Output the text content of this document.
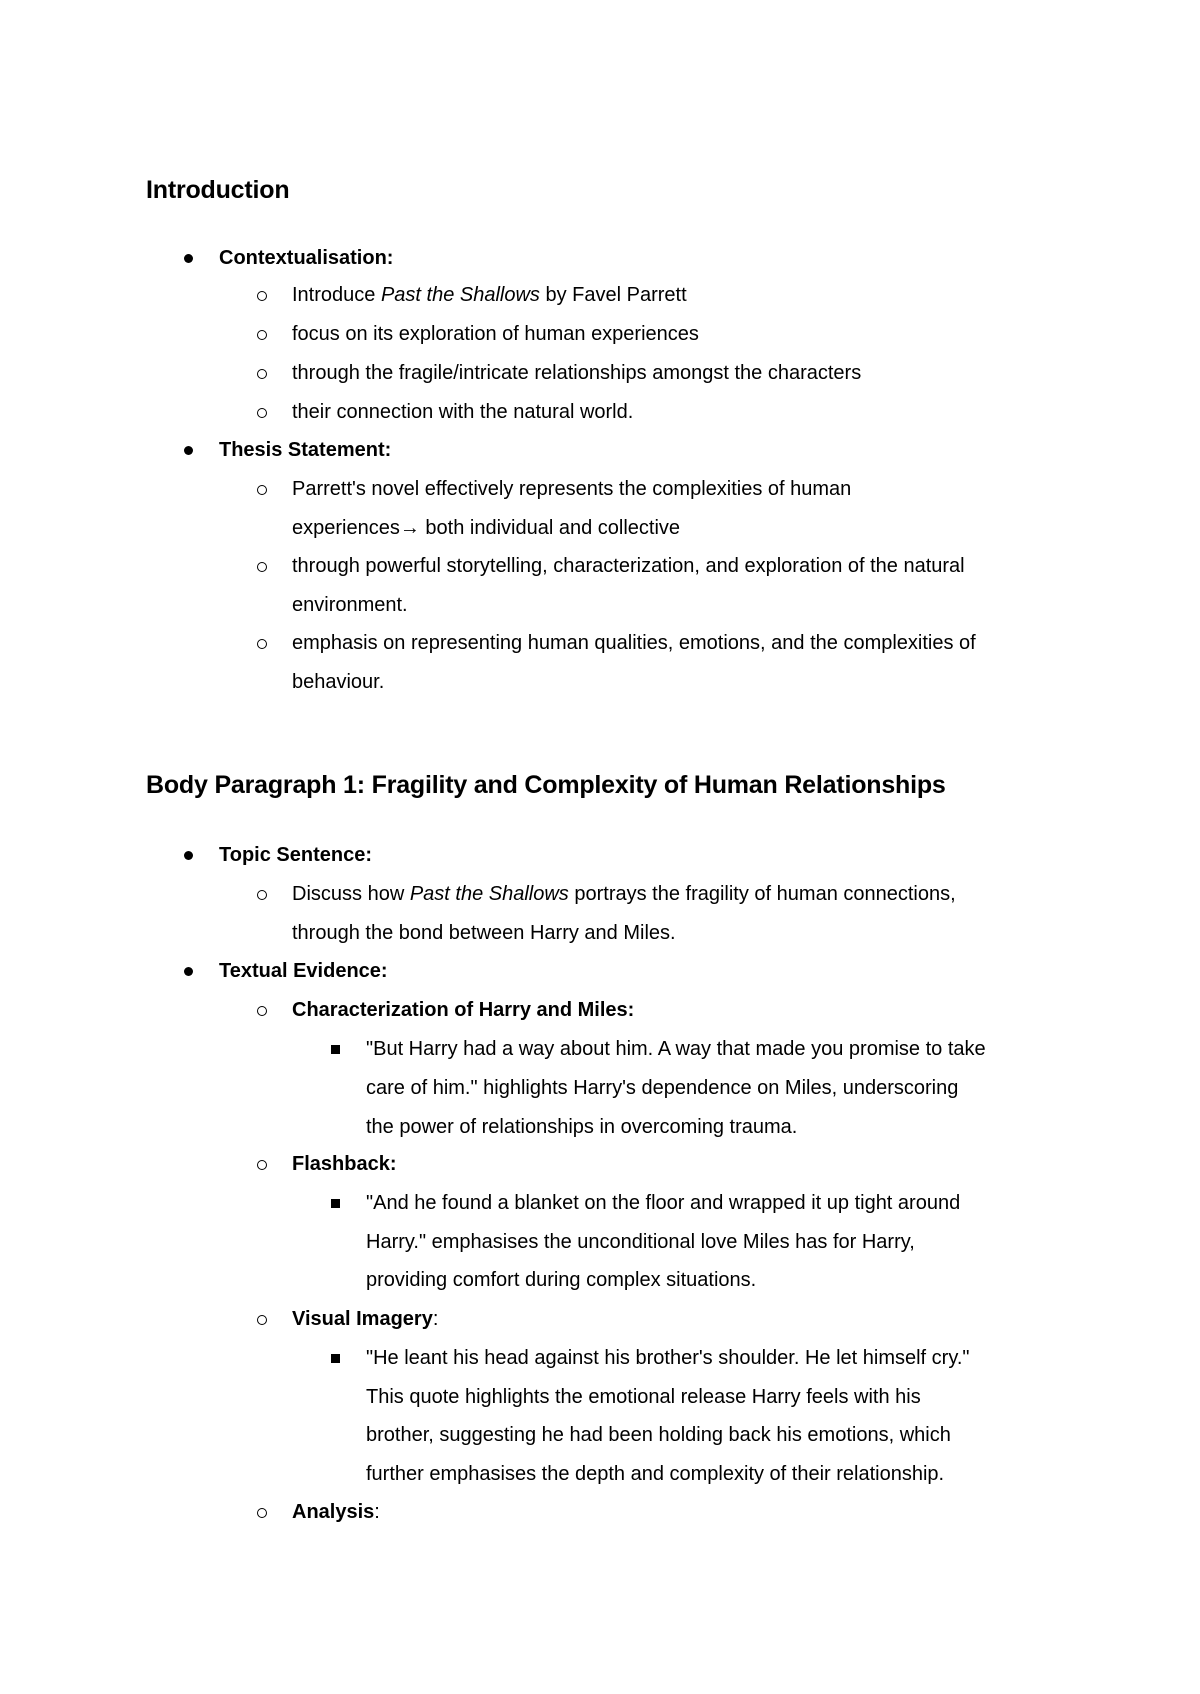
Introduction
Contextualisation:
Introduce Past the Shallows by Favel Parrett
focus on its exploration of human experiences
through the fragile/intricate relationships amongst the characters
their connection with the natural world.
Thesis Statement:
Parrett's novel effectively represents the complexities of human
experiences→ both individual and collective
through powerful storytelling, characterization, and exploration of the natural
environment.
emphasis on representing human qualities, emotions, and the complexities of
behaviour.
Body Paragraph 1: Fragility and Complexity of Human Relationships
Topic Sentence:
Discuss how Past the Shallows portrays the fragility of human connections,
through the bond between Harry and Miles.
Textual Evidence:
Characterization of Harry and Miles:
"But Harry had a way about him. A way that made you promise to take
care of him." highlights Harry's dependence on Miles, underscoring
the power of relationships in overcoming trauma.
Flashback:
"And he found a blanket on the floor and wrapped it up tight around
Harry." emphasises the unconditional love Miles has for Harry,
providing comfort during complex situations.
Visual Imagery:
"He leant his head against his brother's shoulder. He let himself cry."
This quote highlights the emotional release Harry feels with his
brother, suggesting he had been holding back his emotions, which
further emphasises the depth and complexity of their relationship.
Analysis:
